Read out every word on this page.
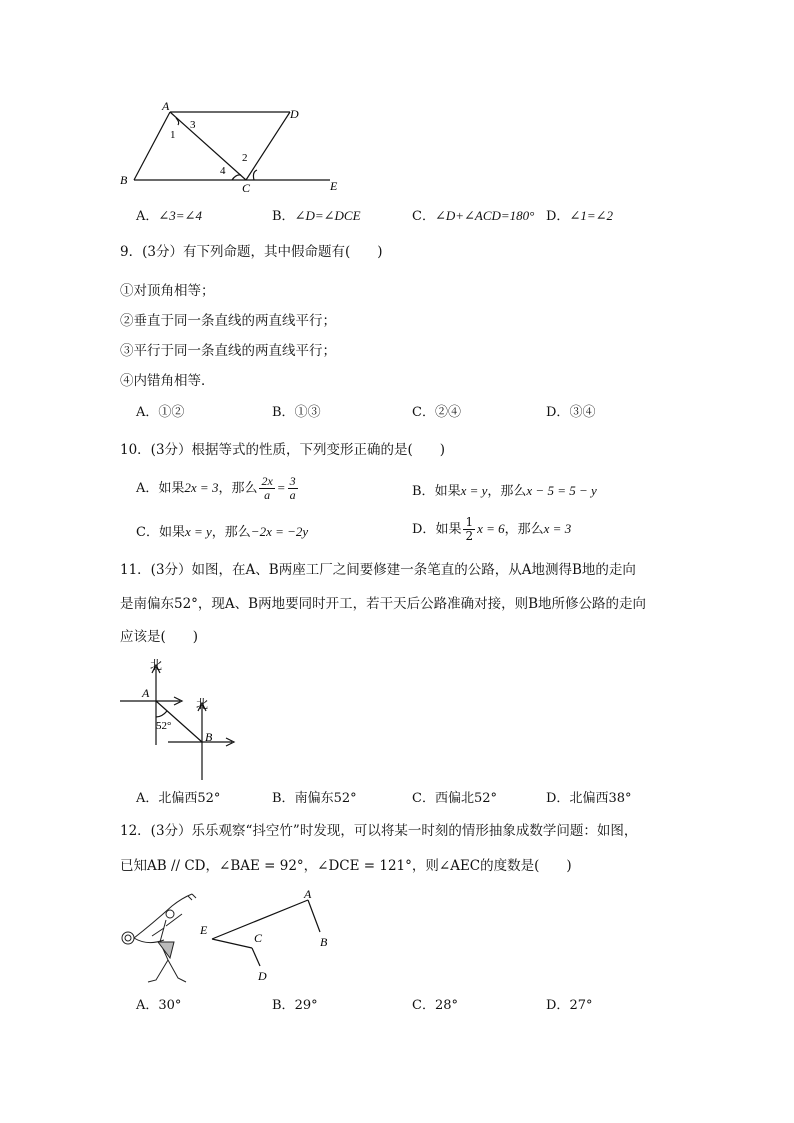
A
D
B
C	E
1
2
3
4
A．∠3=∠4	B．∠D=∠DCE	C．∠D+∠ACD=180° D．∠1=∠2
9．(3分）有下列命题，其中假命题有(　　)
①对顶角相等；
②垂直于同一条直线的两直线平行；
③平行于同一条直线的两直线平行；
④内错角相等．
A．①②	B．①③	C．②④	D．③④
10．(3分）根据等式的性质，下列变形正确的是(　　)
A．如果2x = 3，那么 $\frac{2x}{a} = \frac{3}{a}$	B．如果x = y，那么x − 5 = 5 − y
C．如果x = y，那么−2x = −2y	D．如果 $\frac{1}{2}$ x = 6，那么x = 3
11．(3分）如图，在A、B两座工厂之间要修建一条笔直的公路，从A地测得B地的走向
是南偏东52°，现A、B两地要同时开工，若干天后公路准确对接，则B地所修公路的走向
应该是(　　)
北
北
A
B
52°
A．北偏西52°	B．南偏东52°	C．西偏北52°	D．北偏西38°
12．(3分）乐乐观察“抖空竹”时发现，可以将某一时刻的情形抽象成数学问题：如图，
已知AB // CD，∠BAE = 92°，∠DCE = 121°，则∠AEC的度数是(　　)
A
B
C
D
E
A．30°	B．29°	C．28°	D．27°
